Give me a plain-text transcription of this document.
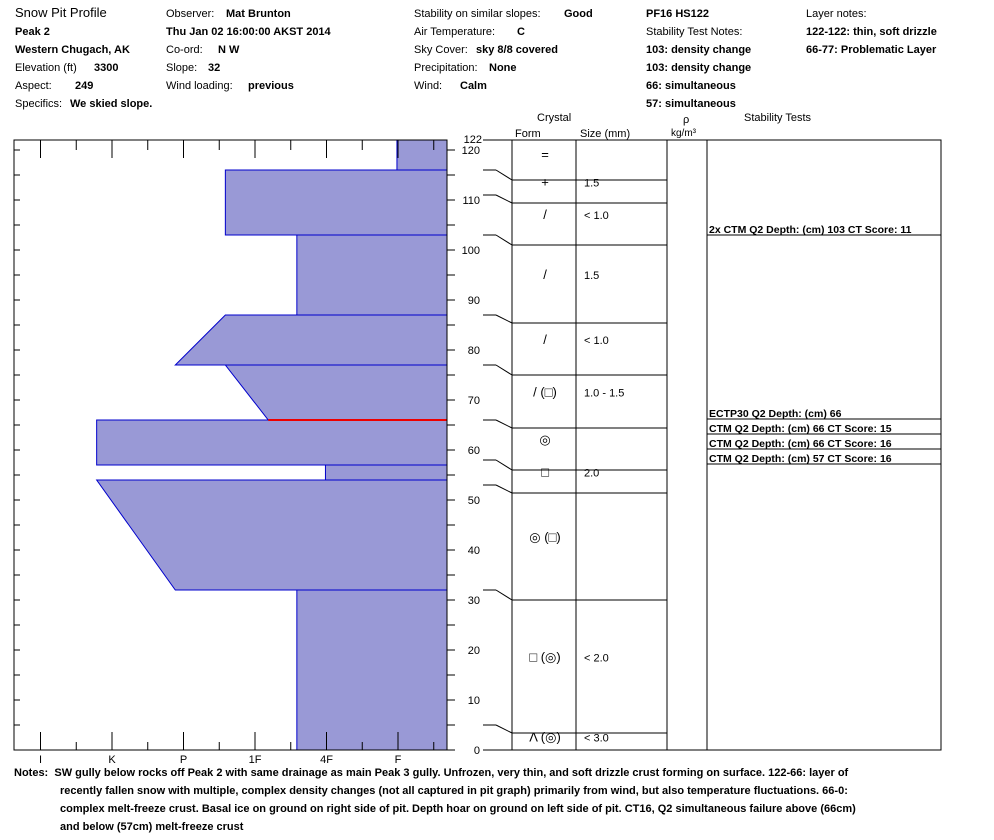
Snow Pit Profile
Peak 2
Western Chugach, AK
Elevation (ft) 3300
Aspect: 249
Specifics: We skied slope.
Observer: Mat Brunton
Thu Jan 02 16:00:00 AKST 2014
Co-ord: N W
Slope: 32
Wind loading: previous
Stability on similar slopes: Good
Air Temperature: C
Sky Cover: sky 8/8 covered
Precipitation: None
Wind: Calm
PF16 HS122
Stability Test Notes:
103: density change
103: density change
66: simultaneous
57: simultaneous
Layer notes:
122-122: thin, soft drizzle
66-77: Problematic Layer
Crystal
Form	Size (mm)
ρ
kg/m³
Stability Tests
I	K	P	1F	4F	F
0
10
20
30
40
50
60
70
80
90
100
110
120
122
=
+	1.5
/	< 1.0
/	1.5
/	< 1.0
/ (□) 1.0 - 1.5
◎
□	2.0
◎ (□)
□ (◎) < 2.0
Λ (◎) < 3.0
2x CTM Q2 Depth: (cm) 103 CT Score: 11
ECTP30 Q2 Depth: (cm) 66
CTM Q2 Depth: (cm) 66 CT Score: 15
CTM Q2 Depth: (cm) 66 CT Score: 16
CTM Q2 Depth: (cm) 57 CT Score: 16
Notes: SW gully below rocks off Peak 2 with same drainage as main Peak 3 gully. Unfrozen, very thin, and soft drizzle crust forming on surface. 122-66: layer of
recently fallen snow with multiple, complex density changes (not all captured in pit graph) primarily from wind, but also temperature fluctuations. 66-0:
complex melt-freeze crust. Basal ice on ground on right side of pit. Depth hoar on ground on left side of pit. CT16, Q2 simultaneous failure above (66cm)
and below (57cm) melt-freeze crust
